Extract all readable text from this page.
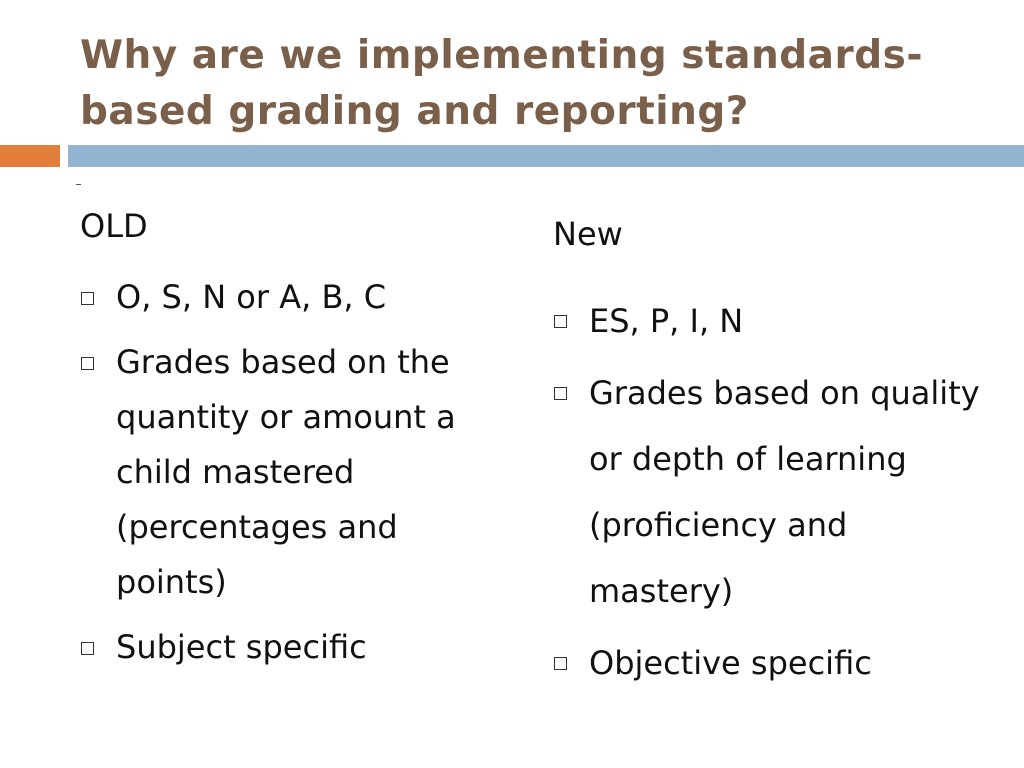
Why are we implementing standards-
based grading and reporting?

OLD

O, S, N or A, B, C
Grades based on the quantity or amount a child mastered (percentages and points)
Subject specific

New

ES, P, I, N
Grades based on quality or depth of learning (proficiency and mastery)
Objective specific
